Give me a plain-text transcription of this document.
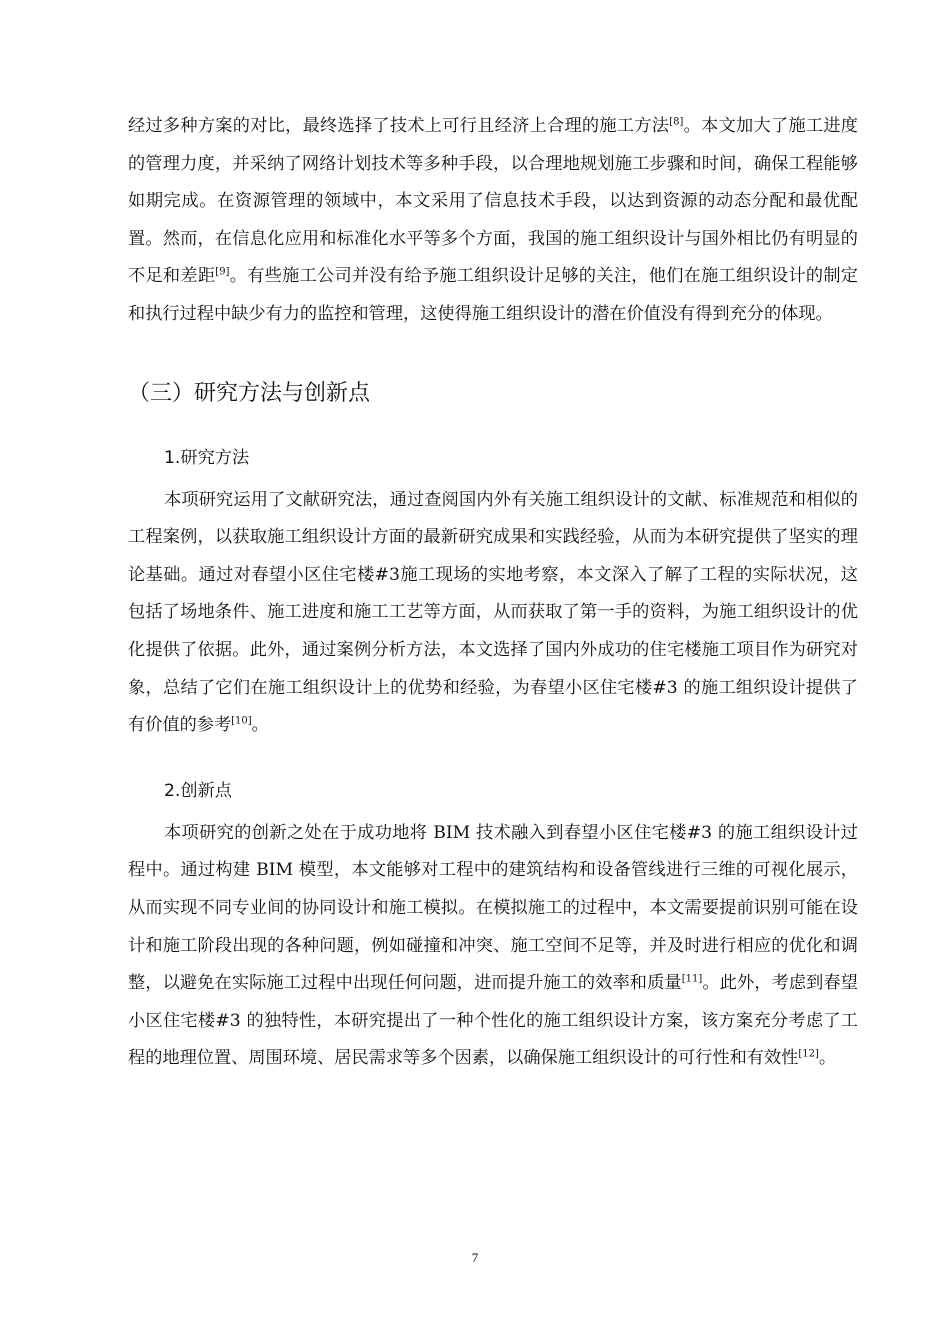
经过多种方案的对比，最终选择了技术上可行且经济上合理的施工方法[8]。本文加大了施工进度的管理力度，并采纳了网络计划技术等多种手段，以合理地规划施工步骤和时间，确保工程能够如期完成。在资源管理的领域中，本文采用了信息技术手段，以达到资源的动态分配和最优配置。然而，在信息化应用和标准化水平等多个方面，我国的施工组织设计与国外相比仍有明显的不足和差距[9]。有些施工公司并没有给予施工组织设计足够的关注，他们在施工组织设计的制定和执行过程中缺少有力的监控和管理，这使得施工组织设计的潜在价值没有得到充分的体现。

（三）研究方法与创新点
1.研究方法

本项研究运用了文献研究法，通过查阅国内外有关施工组织设计的文献、标准规范和相似的工程案例，以获取施工组织设计方面的最新研究成果和实践经验，从而为本研究提供了坚实的理论基础。通过对春望小区住宅楼#3施工现场的实地考察，本文深入了解了工程的实际状况，这包括了场地条件、施工进度和施工工艺等方面，从而获取了第一手的资料，为施工组织设计的优化提供了依据。此外，通过案例分析方法，本文选择了国内外成功的住宅楼施工项目作为研究对象，总结了它们在施工组织设计上的优势和经验，为春望小区住宅楼#3 的施工组织设计提供了有价值的参考[10]。

2.创新点

本项研究的创新之处在于成功地将 BIM 技术融入到春望小区住宅楼#3 的施工组织设计过程中。通过构建 BIM 模型，本文能够对工程中的建筑结构和设备管线进行三维的可视化展示，从而实现不同专业间的协同设计和施工模拟。在模拟施工的过程中，本文需要提前识别可能在设计和施工阶段出现的各种问题，例如碰撞和冲突、施工空间不足等，并及时进行相应的优化和调整，以避免在实际施工过程中出现任何问题，进而提升施工的效率和质量[11]。此外，考虑到春望小区住宅楼#3 的独特性，本研究提出了一种个性化的施工组织设计方案，该方案充分考虑了工程的地理位置、周围环境、居民需求等多个因素，以确保施工组织设计的可行性和有效性[12]。

7
